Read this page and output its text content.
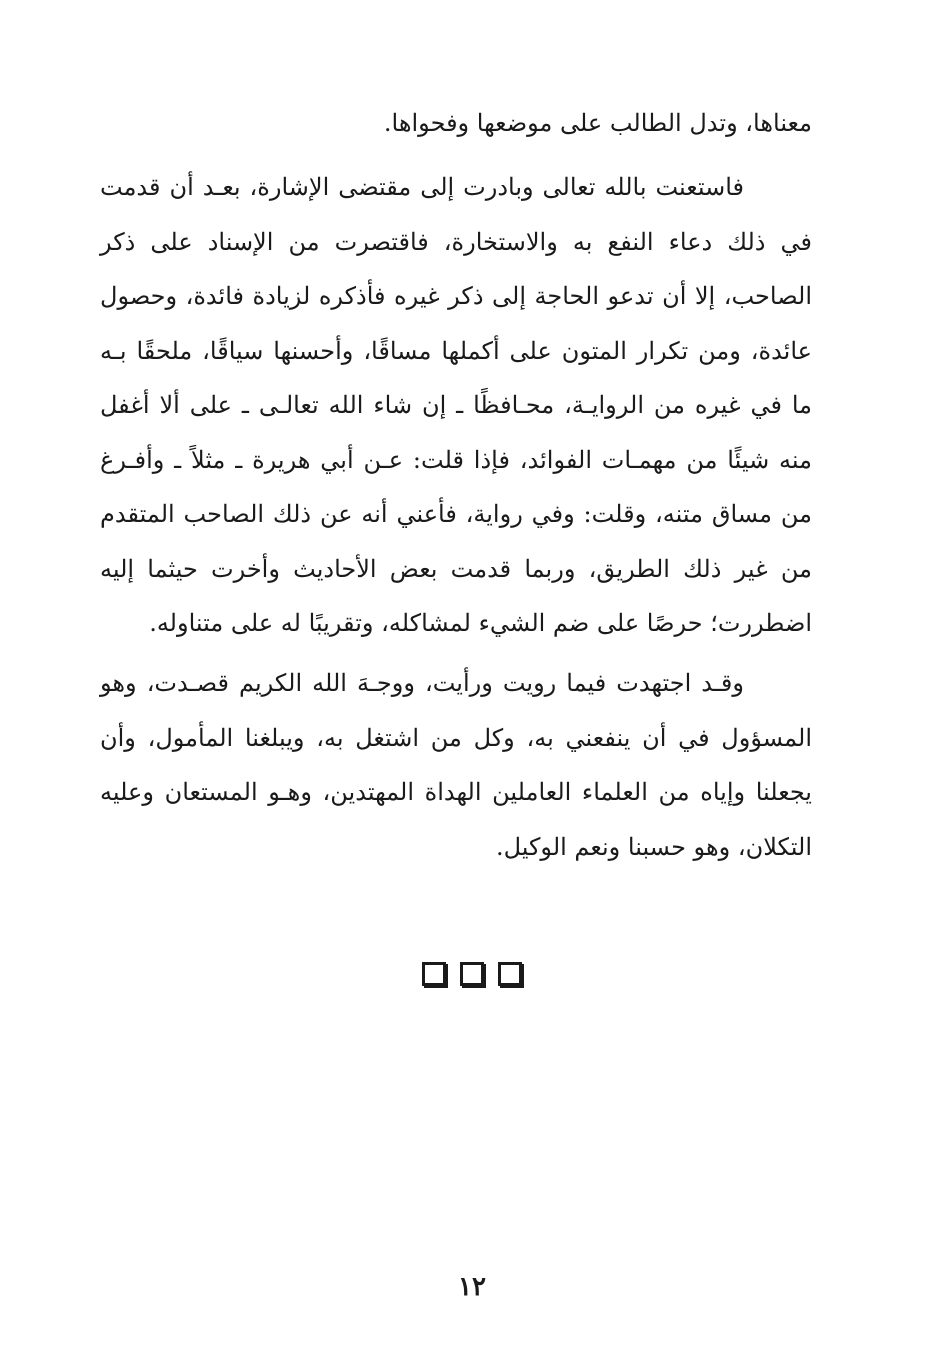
معناها، وتدل الطالب على موضعها وفحواها.

فاستعنت بالله تعالى وبادرت إلى مقتضى الإشارة، بعـد أن قدمت في ذلك دعاء النفع به والاستخارة، فاقتصرت من الإسناد على ذكر الصاحب، إلا أن تدعو الحاجة إلى ذكر غيره فأذكره لزيادة فائدة، وحصول عائدة، ومن تكرار المتون على أكملها مساقًا، وأحسنها سياقًا، ملحقًا بـه ما في غيره من الروايـة، محـافظًا ـ إن شاء الله تعالـى ـ على ألا أغفل منه شيئًا من مهمـات الفوائد، فإذا قلت: عـن أبي هريرة ـ مثلاً ـ وأفـرغ من مساق متنه، وقلت: وفي رواية، فأعني أنه عن ذلك الصاحب المتقدم من غير ذلك الطريق، وربما قدمت بعض الأحاديث وأخرت حيثما إليه اضطررت؛ حرصًا على ضم الشيء لمشاكله، وتقريبًا له على متناوله.

وقـد اجتهدت فيما رويت ورأيت، ووجـهَ الله الكريم قصـدت، وهو المسؤول في أن ينفعني به، وكل من اشتغل به، ويبلغنا المأمول، وأن يجعلنا وإياه من العلماء العاملين الهداة المهتدين، وهـو المستعان وعليه التكلان، وهو حسبنا ونعم الوكيل.

١٢
